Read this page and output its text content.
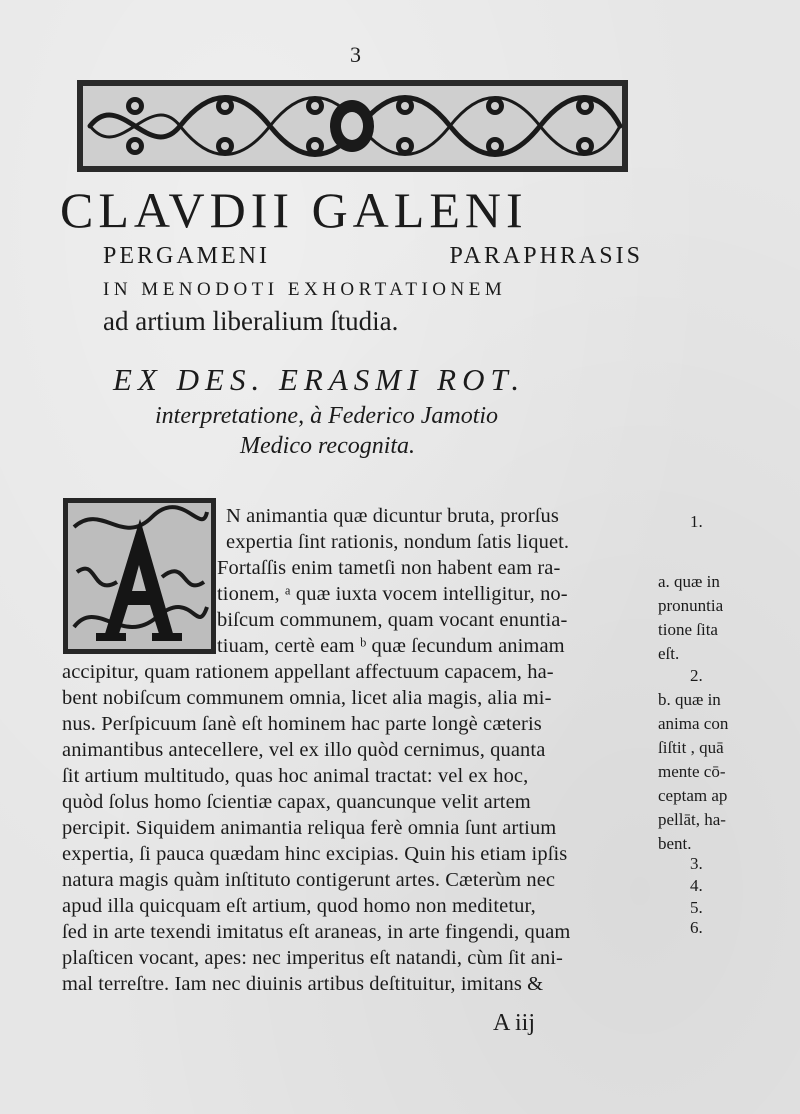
3
CLAVDII GALENI
PERGAMENI	PARAPHRASIS
IN MENODOTI EXHORTATIONEM
ad artium liberalium ſtudia.
EX DES. ERASMI ROT.
interpretatione, à Federico Jamotio
Medico recognita.
N animantia quæ dicuntur bruta, prorſus
expertia ſint rationis, nondum ſatis liquet.
Fortaſſis enim tametſi non habent eam ra-
tionem, ᵃ quæ iuxta vocem intelligitur, no-
biſcum communem, quam vocant enuntia-
tiuam, certè eam ᵇ quæ ſecundum animam
accipitur, quam rationem appellant affectuum capacem, ha-
bent nobiſcum communem omnia, licet alia magis, alia mi-
nus. Perſpicuum ſanè eſt hominem hac parte longè cæteris
animantibus antecellere, vel ex illo quòd cernimus, quanta
ſit artium multitudo, quas hoc animal tractat: vel ex hoc,
quòd ſolus homo ſcientiæ capax, quancunque velit artem
percipit. Siquidem animantia reliqua ferè omnia ſunt artium
expertia, ſi pauca quædam hinc excipias. Quin his etiam ipſis
natura magis quàm inſtituto contigerunt artes. Cæterùm nec
apud illa quicquam eſt artium, quod homo non meditetur,
ſed in arte texendi imitatus eſt araneas, in arte fingendi, quam
plaſticen vocant, apes: nec imperitus eſt natandi, cùm ſit ani-
mal terreſtre. Iam nec diuinis artibus deſtituitur, imitans &
1.
a. quæ in
pronuntia
tione ſita
eſt.
2.
b. quæ in
anima con
ſiſtit , quā
mente cō-
ceptam ap
pellāt, ha-
bent.
3.
4.
5.
6.
A iij
